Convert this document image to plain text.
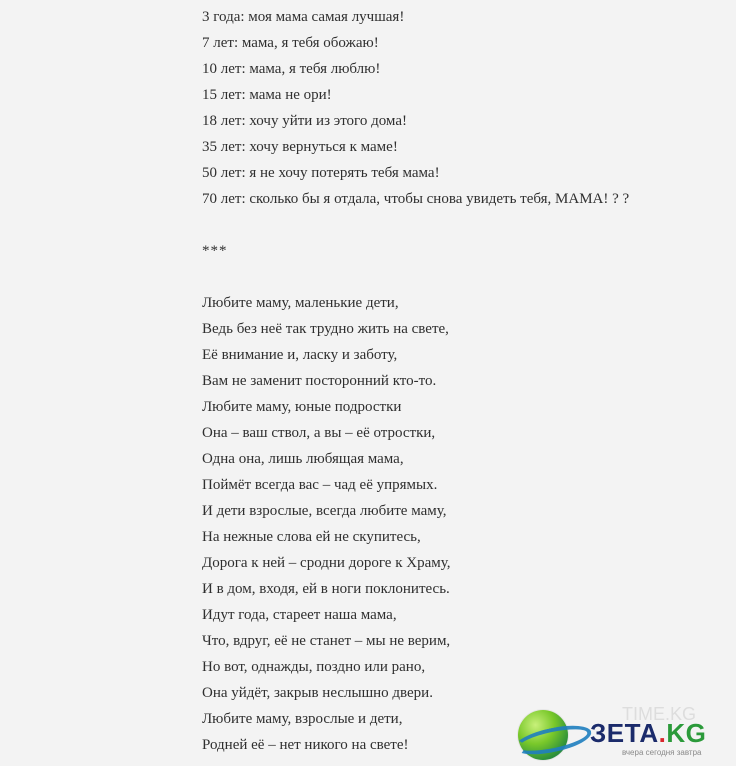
3 года: моя мама самая лучшая!
7 лет: мама, я тебя обожаю!
10 лет: мама, я тебя люблю!
15 лет: мама не ори!
18 лет: хочу уйти из этого дома!
35 лет: хочу вернуться к маме!
50 лет: я не хочу потерять тебя мама!
70 лет: сколько бы я отдала, чтобы снова увидеть тебя, МАМА! ? ?
***
Любите маму, маленькие дети,
Ведь без неё так трудно жить на свете,
Её внимание и, ласку и заботу,
Вам не заменит посторонний кто-то.
Любите маму, юные подростки
Она – ваш ствол, а вы – её отростки,
Одна она, лишь любящая мама,
Поймёт всегда вас – чад её упрямых.
И дети взрослые, всегда любите маму,
На нежные слова ей не скупитесь,
Дорога к ней – сродни дороге к Храму,
И в дом, входя, ей в ноги поклонитесь.
Идут года, стареет наша мама,
Что, вдруг, её не станет – мы не верим,
Но вот, однажды, поздно или рано,
Она уйдёт, закрыв неслышно двери.
Любите маму, взрослые и дети,
Родней её – нет никого на свете!
TIME.KG
ЗЕТА.KG
вчера сегодня завтра
